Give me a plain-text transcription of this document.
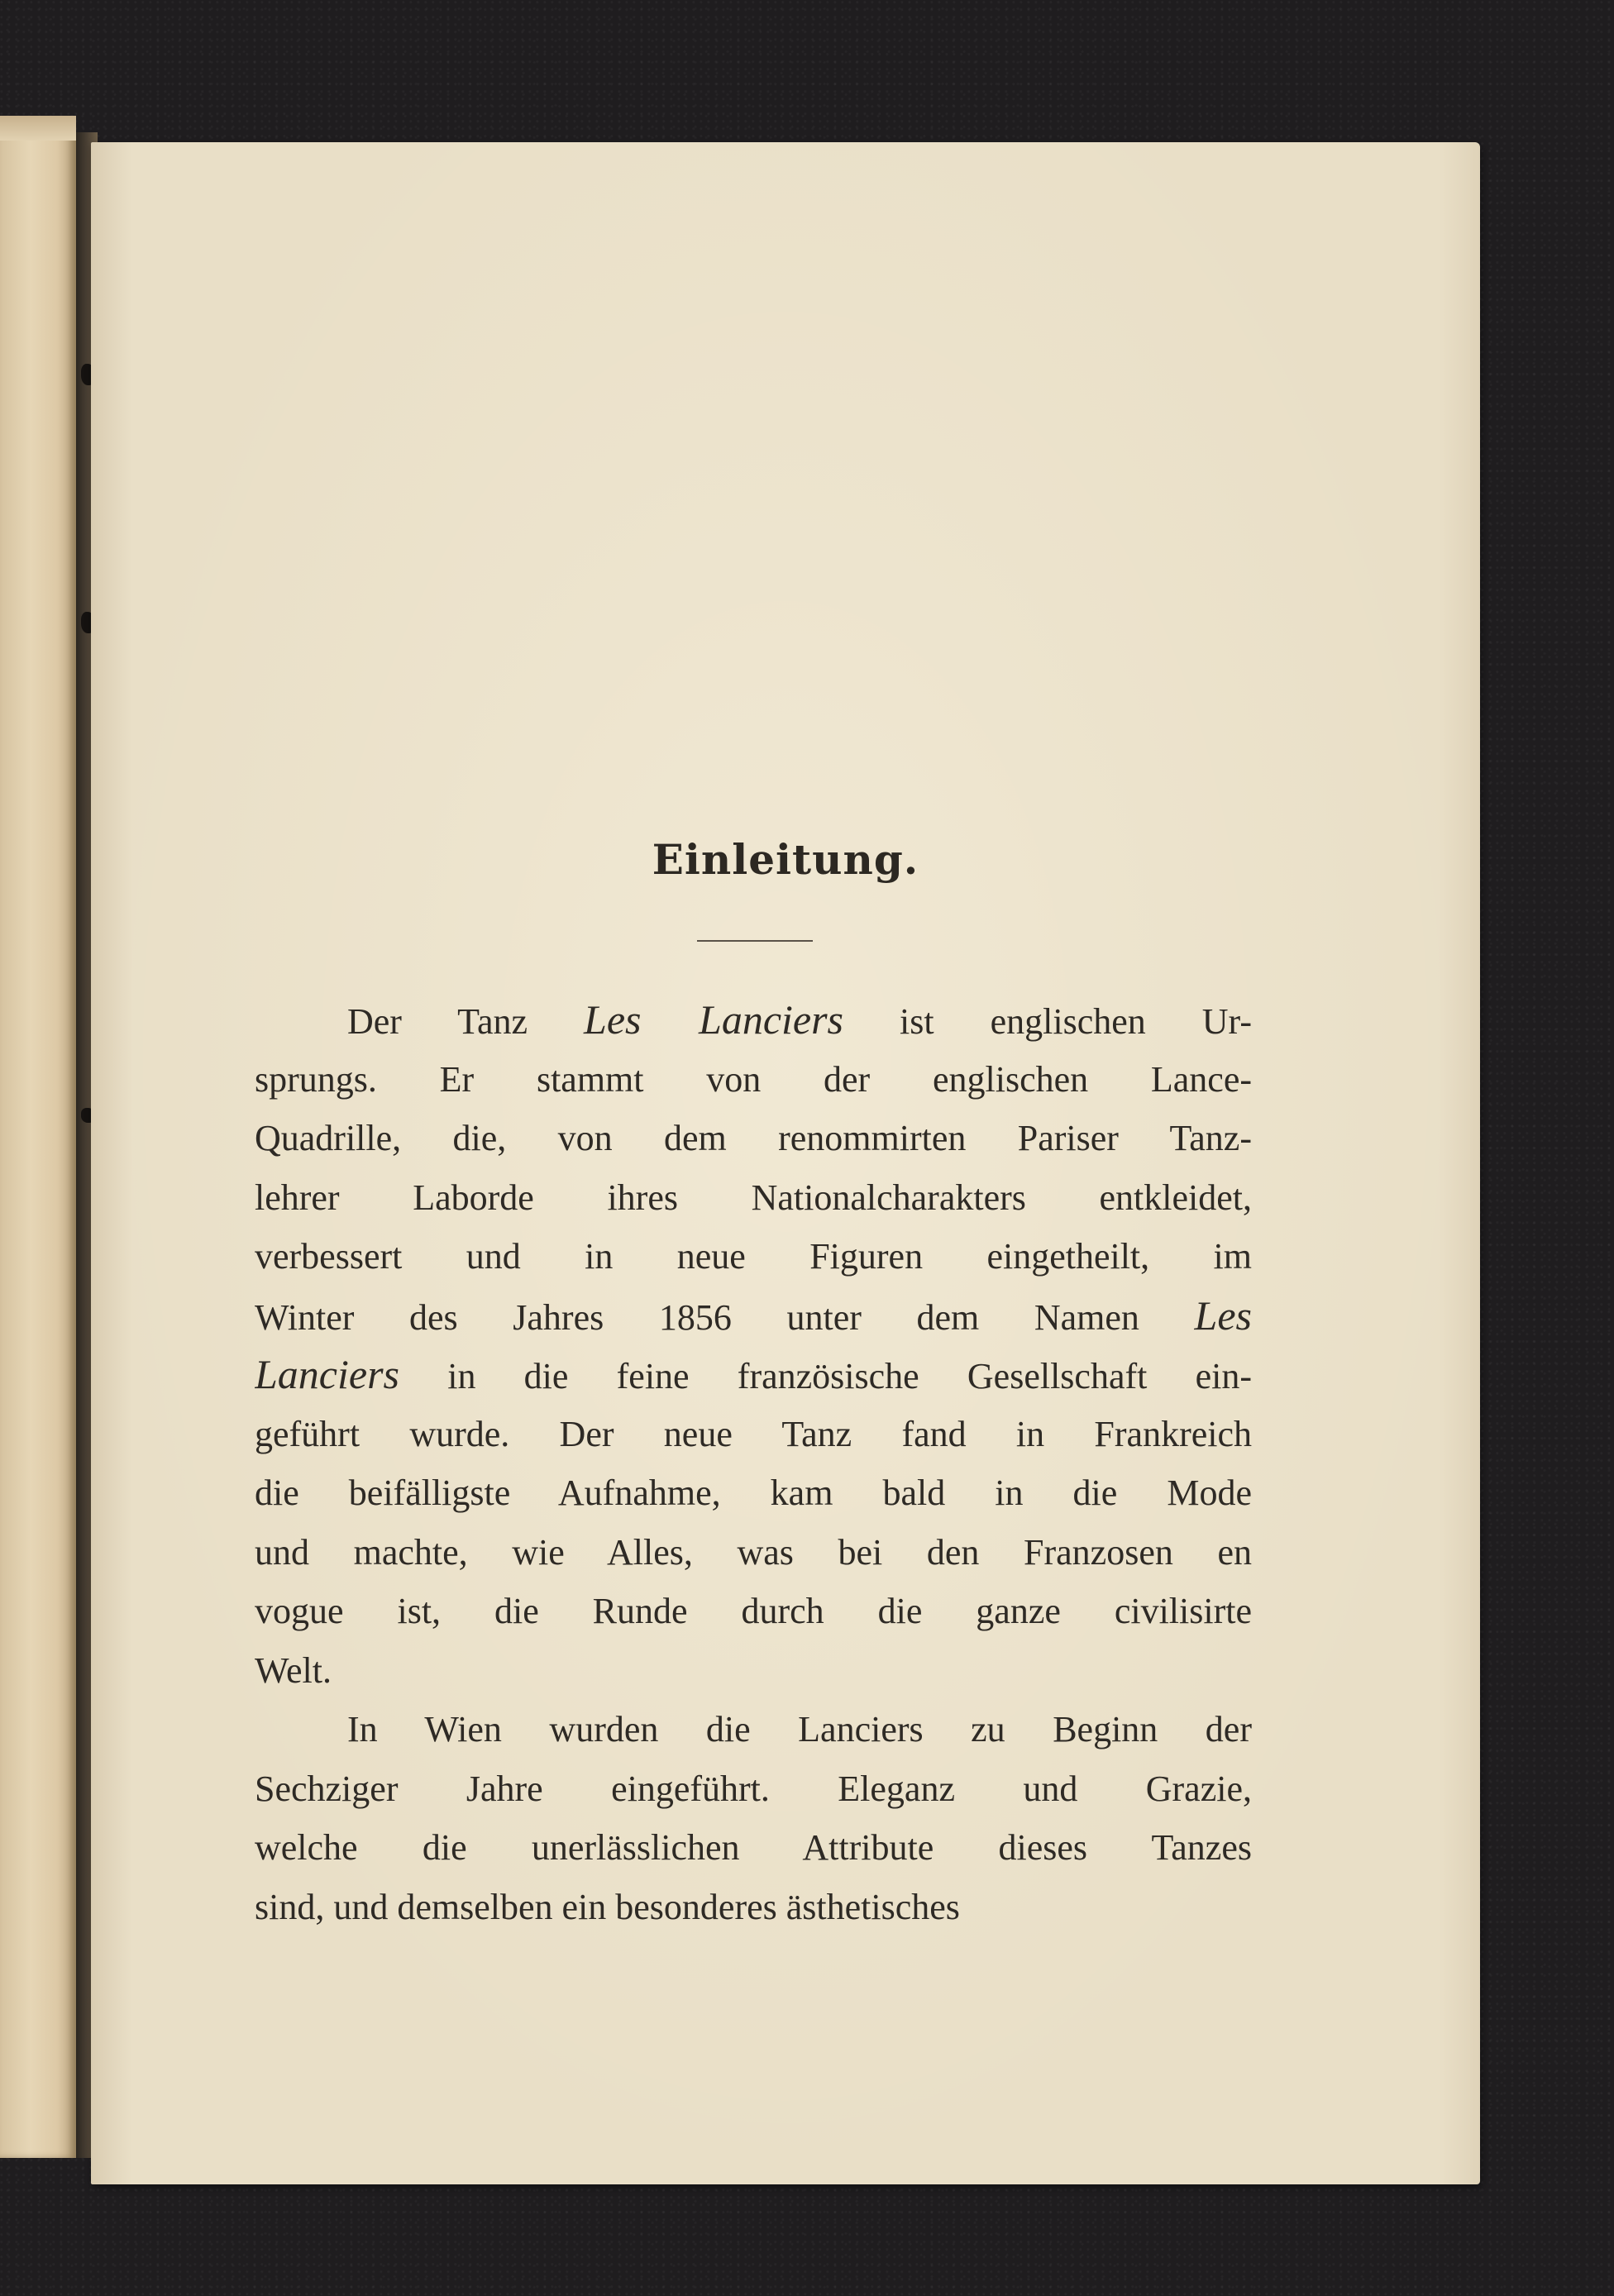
Einleitung.
Der Tanz Les Lanciers ist englischen Ur-
sprungs. Er stammt von der englischen Lance-
Quadrille, die, von dem renommirten Pariser Tanz-
lehrer Laborde ihres Nationalcharakters entkleidet,
verbessert und in neue Figuren eingetheilt, im
Winter des Jahres 1856 unter dem Namen Les
Lanciers in die feine französische Gesellschaft ein-
geführt wurde. Der neue Tanz fand in Frankreich
die beifälligste Aufnahme, kam bald in die Mode
und machte, wie Alles, was bei den Franzosen en
vogue ist, die Runde durch die ganze civilisirte
Welt.
In Wien wurden die Lanciers zu Beginn der
Sechziger Jahre eingeführt. Eleganz und Grazie,
welche die unerlässlichen Attribute dieses Tanzes
sind, und demselben ein besonderes ästhetisches
